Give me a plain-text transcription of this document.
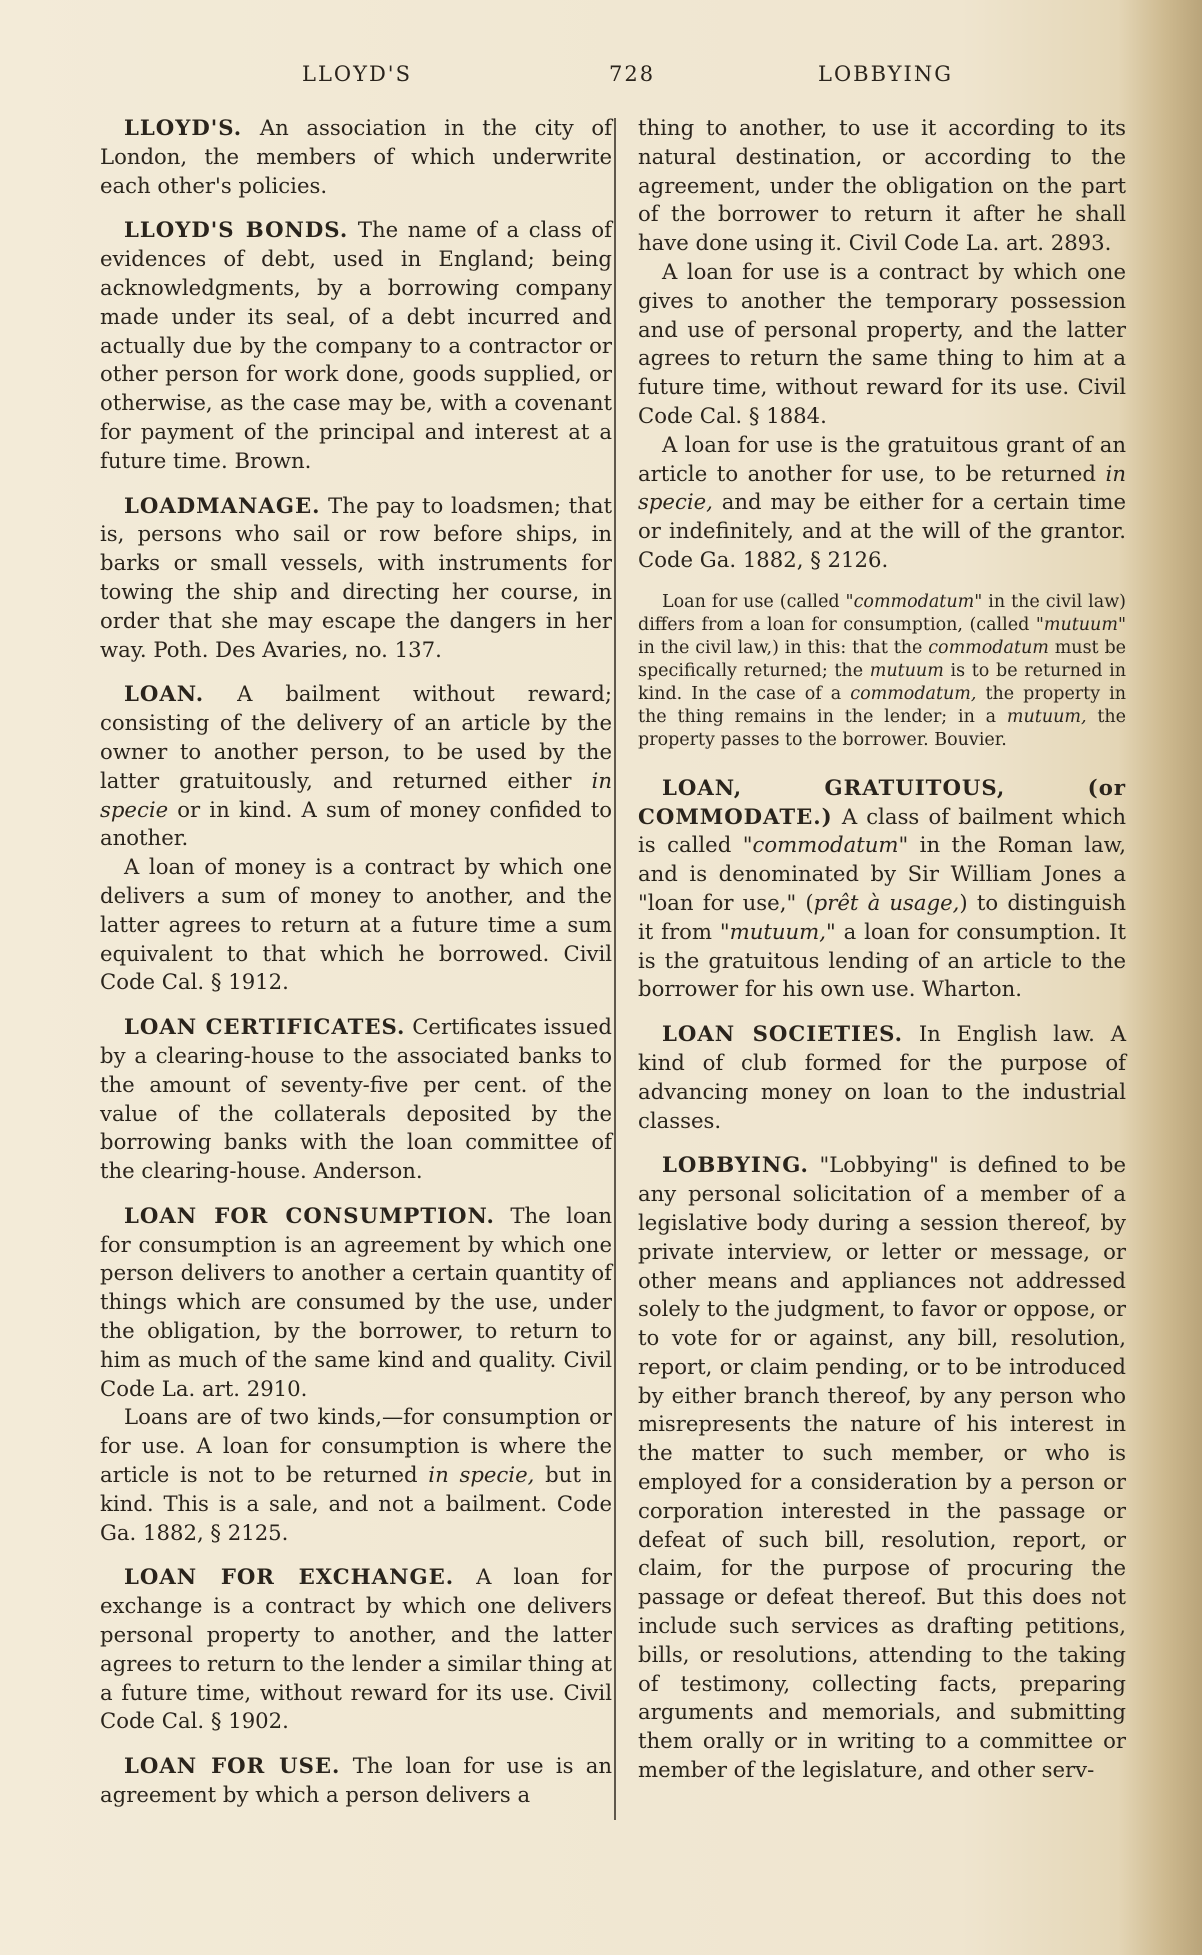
LLOYD'S	728	LOBBYING

LLOYD'S. An association in the city of London, the members of which underwrite each other's policies.

LLOYD'S BONDS. The name of a class of evidences of debt, used in England; being acknowledgments, by a borrowing company made under its seal, of a debt incurred and actually due by the company to a contractor or other person for work done, goods supplied, or otherwise, as the case may be, with a covenant for payment of the principal and interest at a future time. Brown.

LOADMANAGE. The pay to loadsmen; that is, persons who sail or row before ships, in barks or small vessels, with instruments for towing the ship and directing her course, in order that she may escape the dangers in her way. Poth. Des Avaries, no. 137.

LOAN. A bailment without reward; consisting of the delivery of an article by the owner to another person, to be used by the latter gratuitously, and returned either in specie or in kind. A sum of money confided to another.

A loan of money is a contract by which one delivers a sum of money to another, and the latter agrees to return at a future time a sum equivalent to that which he borrowed. Civil Code Cal. § 1912.

LOAN CERTIFICATES. Certificates issued by a clearing-house to the associated banks to the amount of seventy-five per cent. of the value of the collaterals deposited by the borrowing banks with the loan committee of the clearing-house. Anderson.

LOAN FOR CONSUMPTION. The loan for consumption is an agreement by which one person delivers to another a certain quantity of things which are consumed by the use, under the obligation, by the borrower, to return to him as much of the same kind and quality. Civil Code La. art. 2910.

Loans are of two kinds,—for consumption or for use. A loan for consumption is where the article is not to be returned in specie, but in kind. This is a sale, and not a bailment. Code Ga. 1882, § 2125.

LOAN FOR EXCHANGE. A loan for exchange is a contract by which one delivers personal property to another, and the latter agrees to return to the lender a similar thing at a future time, without reward for its use. Civil Code Cal. § 1902.

LOAN FOR USE. The loan for use is an agreement by which a person delivers a

thing to another, to use it according to its natural destination, or according to the agreement, under the obligation on the part of the borrower to return it after he shall have done using it. Civil Code La. art. 2893.

A loan for use is a contract by which one gives to another the temporary possession and use of personal property, and the latter agrees to return the same thing to him at a future time, without reward for its use. Civil Code Cal. § 1884.

A loan for use is the gratuitous grant of an article to another for use, to be returned in specie, and may be either for a certain time or indefinitely, and at the will of the grantor. Code Ga. 1882, § 2126.

Loan for use (called "commodatum" in the civil law) differs from a loan for consumption, (called "mutuum" in the civil law,) in this: that the commodatum must be specifically returned; the mutuum is to be returned in kind. In the case of a commodatum, the property in the thing remains in the lender; in a mutuum, the property passes to the borrower. Bouvier.

LOAN, GRATUITOUS, (or COMMODATE.) A class of bailment which is called "commodatum" in the Roman law, and is denominated by Sir William Jones a "loan for use," (prêt à usage,) to distinguish it from "mutuum," a loan for consumption. It is the gratuitous lending of an article to the borrower for his own use. Wharton.

LOAN SOCIETIES. In English law. A kind of club formed for the purpose of advancing money on loan to the industrial classes.

LOBBYING. "Lobbying" is defined to be any personal solicitation of a member of a legislative body during a session thereof, by private interview, or letter or message, or other means and appliances not addressed solely to the judgment, to favor or oppose, or to vote for or against, any bill, resolution, report, or claim pending, or to be introduced by either branch thereof, by any person who misrepresents the nature of his interest in the matter to such member, or who is employed for a consideration by a person or corporation interested in the passage or defeat of such bill, resolution, report, or claim, for the purpose of procuring the passage or defeat thereof. But this does not include such services as drafting petitions, bills, or resolutions, attending to the taking of testimony, collecting facts, preparing arguments and memorials, and submitting them orally or in writing to a committee or member of the legislature, and other serv-
